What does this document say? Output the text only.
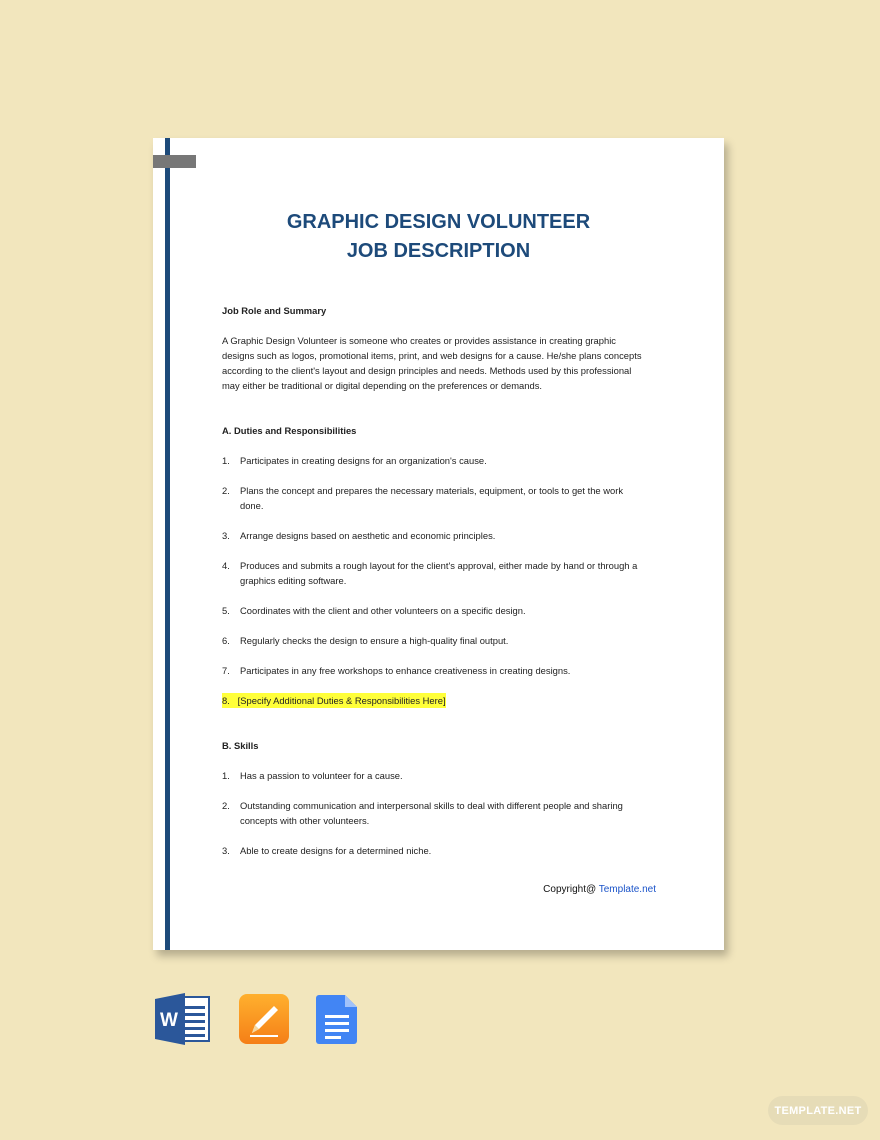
GRAPHIC DESIGN VOLUNTEER
JOB DESCRIPTION
Job Role and Summary
A Graphic Design Volunteer is someone who creates or provides assistance in creating graphic
designs such as logos, promotional items, print, and web designs for a cause. He/she plans concepts
according to the client's layout and design principles and needs. Methods used by this professional
may either be traditional or digital depending on the preferences or demands.
A. Duties and Responsibilities
1.	Participates in creating designs for an organization's cause.
2.	Plans the concept and prepares the necessary materials, equipment, or tools to get the work
done.
3.	Arrange designs based on aesthetic and economic principles.
4.	Produces and submits a rough layout for the client's approval, either made by hand or through a
graphics editing software.
5.	Coordinates with the client and other volunteers on a specific design.
6.	Regularly checks the design to ensure a high-quality final output.
7.	Participates in any free workshops to enhance creativeness in creating designs.
8. [Specify Additional Duties & Responsibilities Here]
B. Skills
1.	Has a passion to volunteer for a cause.
2.	Outstanding communication and interpersonal skills to deal with different people and sharing
concepts with other volunteers.
3.	Able to create designs for a determined niche.
Copyright@ Template.net
W
TEMPLATE.NET
